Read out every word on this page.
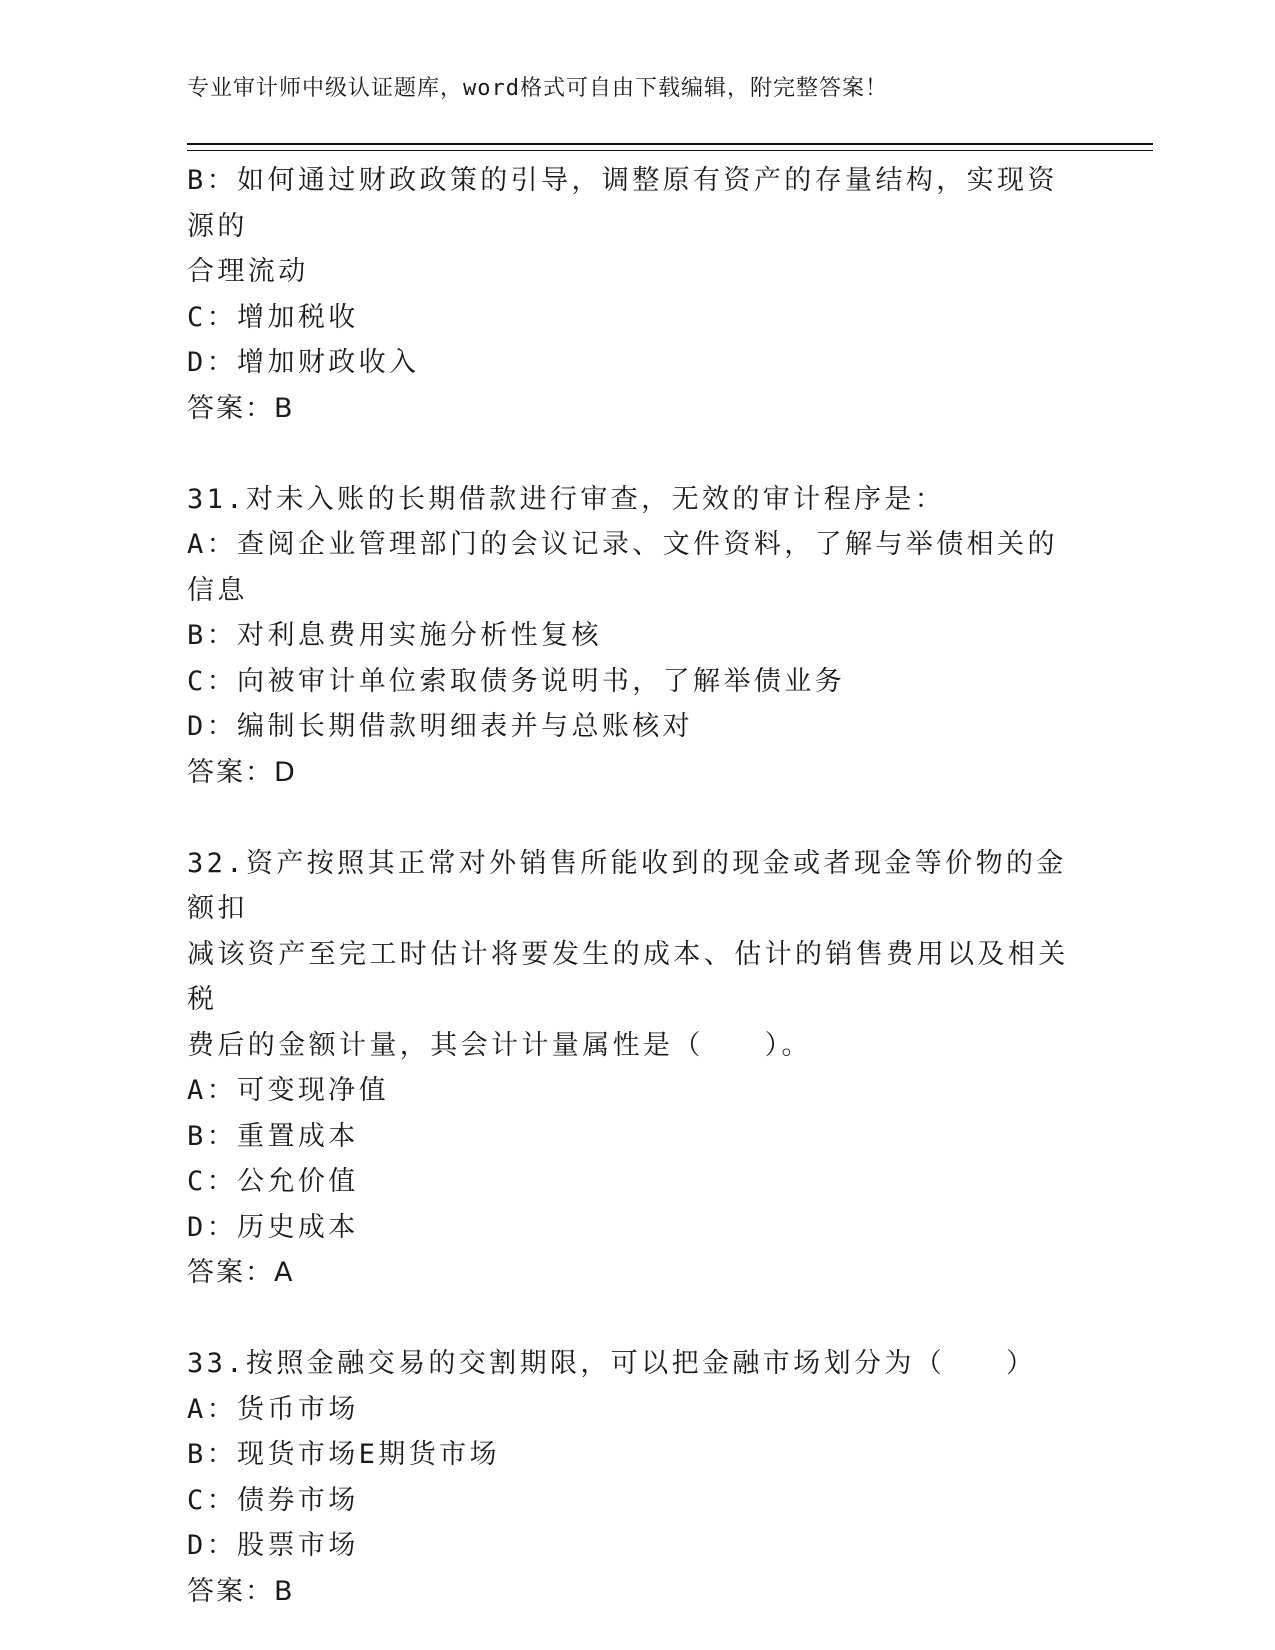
专业审计师中级认证题库，word格式可自由下载编辑，附完整答案！
B：如何通过财政政策的引导，调整原有资产的存量结构，实现资源的
合理流动
C：增加税收
D：增加财政收入
答案：B
31.对未入账的长期借款进行审查，无效的审计程序是：
A：查阅企业管理部门的会议记录、文件资料，了解与举债相关的信息
B：对利息费用实施分析性复核
C：向被审计单位索取债务说明书，了解举债业务
D：编制长期借款明细表并与总账核对
答案：D
32.资产按照其正常对外销售所能收到的现金或者现金等价物的金额扣
减该资产至完工时估计将要发生的成本、估计的销售费用以及相关税
费后的金额计量，其会计计量属性是（　　）。
A：可变现净值
B：重置成本
C：公允价值
D：历史成本
答案：A
33.按照金融交易的交割期限，可以把金融市场划分为（　　）
A：货币市场
B：现货市场E期货市场
C：债券市场
D：股票市场
答案：B
